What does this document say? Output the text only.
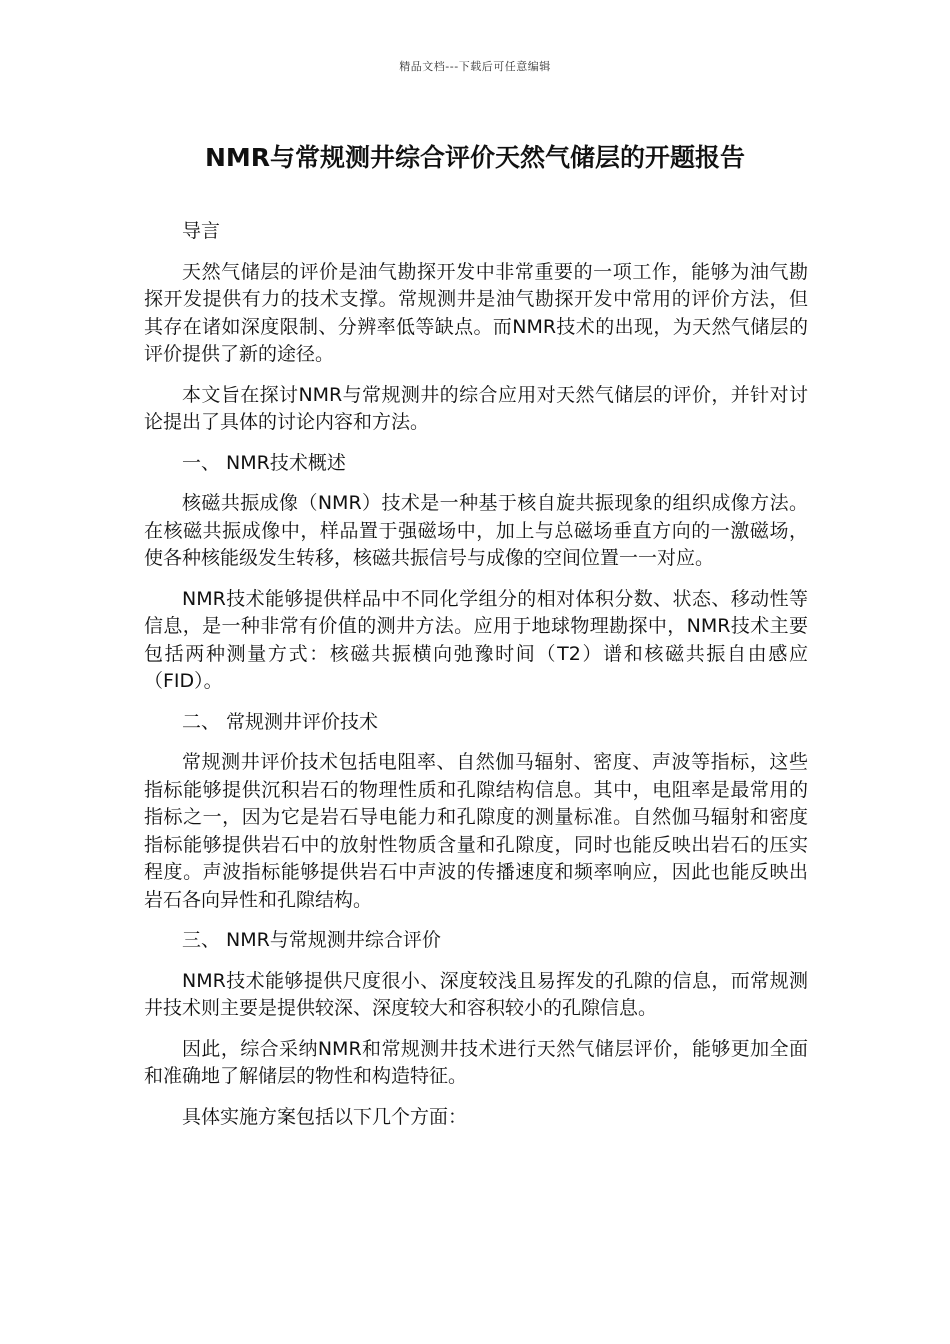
精品文档---下载后可任意编辑
NMR与常规测井综合评价天然气储层的开题报告

导言

天然气储层的评价是油气勘探开发中非常重要的一项工作，能够为油气勘探开发提供有力的技术支撑。常规测井是油气勘探开发中常用的评价方法，但其存在诸如深度限制、分辨率低等缺点。而NMR技术的出现，为天然气储层的评价提供了新的途径。

本文旨在探讨NMR与常规测井的综合应用对天然气储层的评价，并针对讨论提出了具体的讨论内容和方法。

一、 NMR技术概述

核磁共振成像（NMR）技术是一种基于核自旋共振现象的组织成像方法。在核磁共振成像中，样品置于强磁场中，加上与总磁场垂直方向的一激磁场，使各种核能级发生转移，核磁共振信号与成像的空间位置一一对应。

NMR技术能够提供样品中不同化学组分的相对体积分数、状态、移动性等信息，是一种非常有价值的测井方法。应用于地球物理勘探中，NMR技术主要包括两种测量方式：核磁共振横向弛豫时间（T2）谱和核磁共振自由感应（FID）。

二、 常规测井评价技术

常规测井评价技术包括电阻率、自然伽马辐射、密度、声波等指标，这些指标能够提供沉积岩石的物理性质和孔隙结构信息。其中，电阻率是最常用的指标之一，因为它是岩石导电能力和孔隙度的测量标准。自然伽马辐射和密度指标能够提供岩石中的放射性物质含量和孔隙度，同时也能反映出岩石的压实程度。声波指标能够提供岩石中声波的传播速度和频率响应，因此也能反映出岩石各向异性和孔隙结构。

三、 NMR与常规测井综合评价

NMR技术能够提供尺度很小、深度较浅且易挥发的孔隙的信息，而常规测井技术则主要是提供较深、深度较大和容积较小的孔隙信息。

因此，综合采纳NMR和常规测井技术进行天然气储层评价，能够更加全面和准确地了解储层的物性和构造特征。

具体实施方案包括以下几个方面：
